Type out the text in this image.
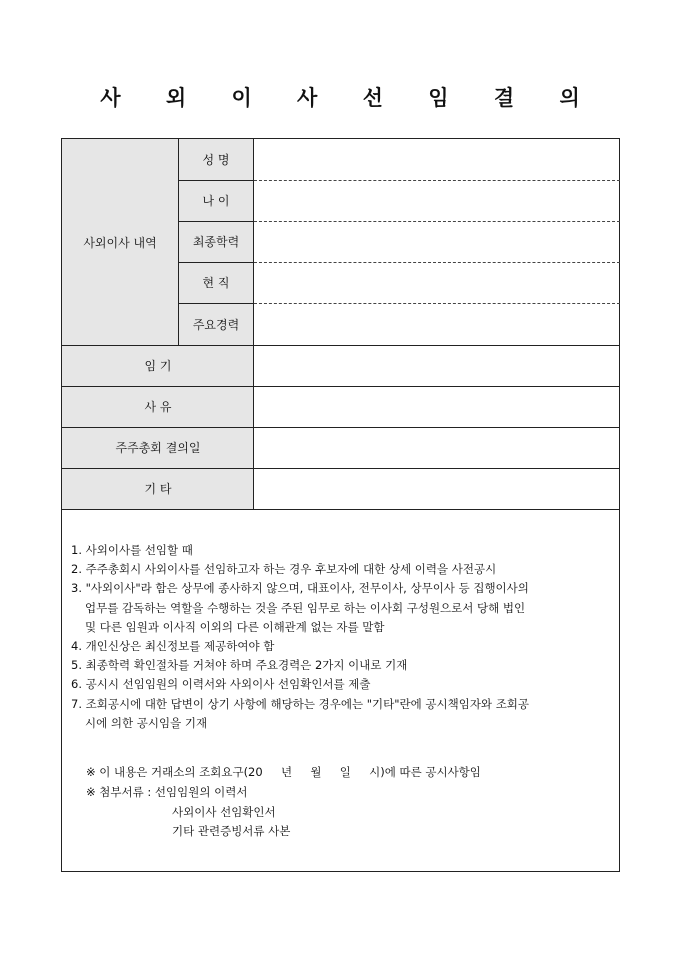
사 외 이 사 선 임 결 의
사외이사 내역
성 명
나 이
최종학력
현 직
주요경력
임 기
사 유
주주총회 결의일
기 타
1. 사외이사를 선임할 때
2. 주주총회시 사외이사를 선임하고자 하는 경우 후보자에 대한 상세 이력을 사전공시
3. "사외이사"라 함은 상무에 종사하지 않으며, 대표이사, 전무이사, 상무이사 등 집행이사의
업무를 감독하는 역할을 수행하는 것을 주된 임무로 하는 이사회 구성원으로서 당해 법인
및 다른 임원과 이사직 이외의 다른 이해관계 없는 자를 말함
4. 개인신상은 최신정보를 제공하여야 함
5. 최종학력 확인절차를 거쳐야 하며 주요경력은 2가지 이내로 기재
6. 공시시 선임임원의 이력서와 사외이사 선임확인서를 제출
7. 조회공시에 대한 답변이 상기 사항에 해당하는 경우에는 "기타"란에 공시책임자와 조회공
시에 의한 공시임을 기재
※ 이 내용은 거래소의 조회요구(20     년     월     일     시)에 따른 공시사항임
※ 첨부서류 : 선임임원의 이력서
사외이사 선임확인서
기타 관련증빙서류 사본
